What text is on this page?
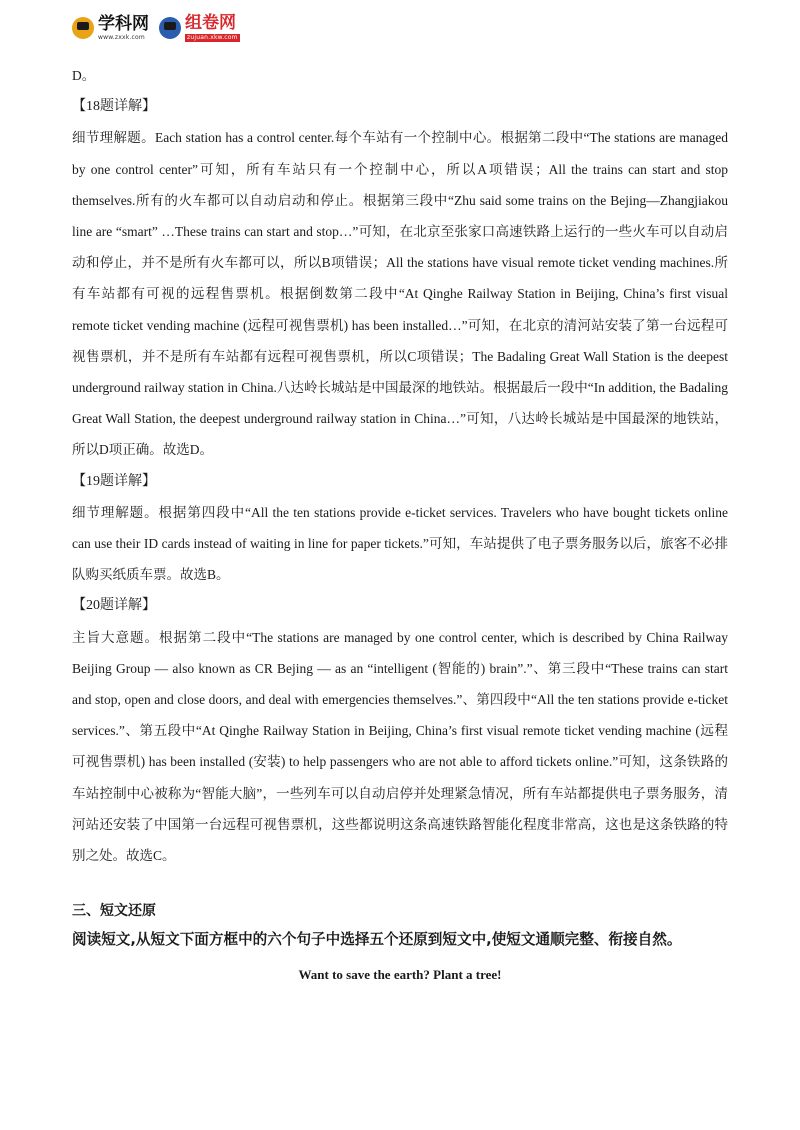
学科网
www.zxxk.com
组卷网
zujuan.xkw.com

D。

【18题详解】

细节理解题。Each station has a control center.每个车站有一个控制中心。根据第二段中“The stations are managed by one control center”可知，所有车站只有一个控制中心，所以A项错误；All the trains can start and stop themselves.所有的火车都可以自动启动和停止。根据第三段中“Zhu said some trains on the Bejing—Zhangjiakou line are “smart” …These trains can start and stop…”可知，在北京至张家口高速铁路上运行的一些火车可以自动启动和停止，并不是所有火车都可以，所以B项错误；All the stations have visual remote ticket vending machines.所有车站都有可视的远程售票机。根据倒数第二段中“At Qinghe Railway Station in Beijing, China’s first visual remote ticket vending machine (远程可视售票机) has been installed…”可知，在北京的清河站安装了第一台远程可视售票机，并不是所有车站都有远程可视售票机，所以C项错误；The Badaling Great Wall Station is the deepest underground railway station in China.八达岭长城站是中国最深的地铁站。根据最后一段中“In addition, the Badaling Great Wall Station, the deepest underground railway station in China…”可知，八达岭长城站是中国最深的地铁站，所以D项正确。故选D。

【19题详解】

细节理解题。根据第四段中“All the ten stations provide e-ticket services. Travelers who have bought tickets online can use their ID cards instead of waiting in line for paper tickets.”可知，车站提供了电子票务服务以后，旅客不必排队购买纸质车票。故选B。

【20题详解】

主旨大意题。根据第二段中“The stations are managed by one control center, which is described by China Railway Beijing Group — also known as CR Bejing — as an “intelligent (智能的) brain”.”、第三段中“These trains can start and stop, open and close doors, and deal with emergencies themselves.”、第四段中“All the ten stations provide e-ticket services.”、第五段中“At Qinghe Railway Station in Beijing, China’s first visual remote ticket vending machine (远程可视售票机) has been installed (安装) to help passengers who are not able to afford tickets online.”可知，这条铁路的车站控制中心被称为“智能大脑”，一些列车可以自动启停并处理紧急情况，所有车站都提供电子票务服务，清河站还安装了中国第一台远程可视售票机，这些都说明这条高速铁路智能化程度非常高，这也是这条铁路的特别之处。故选C。

三、短文还原

阅读短文,从短文下面方框中的六个句子中选择五个还原到短文中,使短文通顺完整、衔接自然。

Want to save the earth? Plant a tree!
